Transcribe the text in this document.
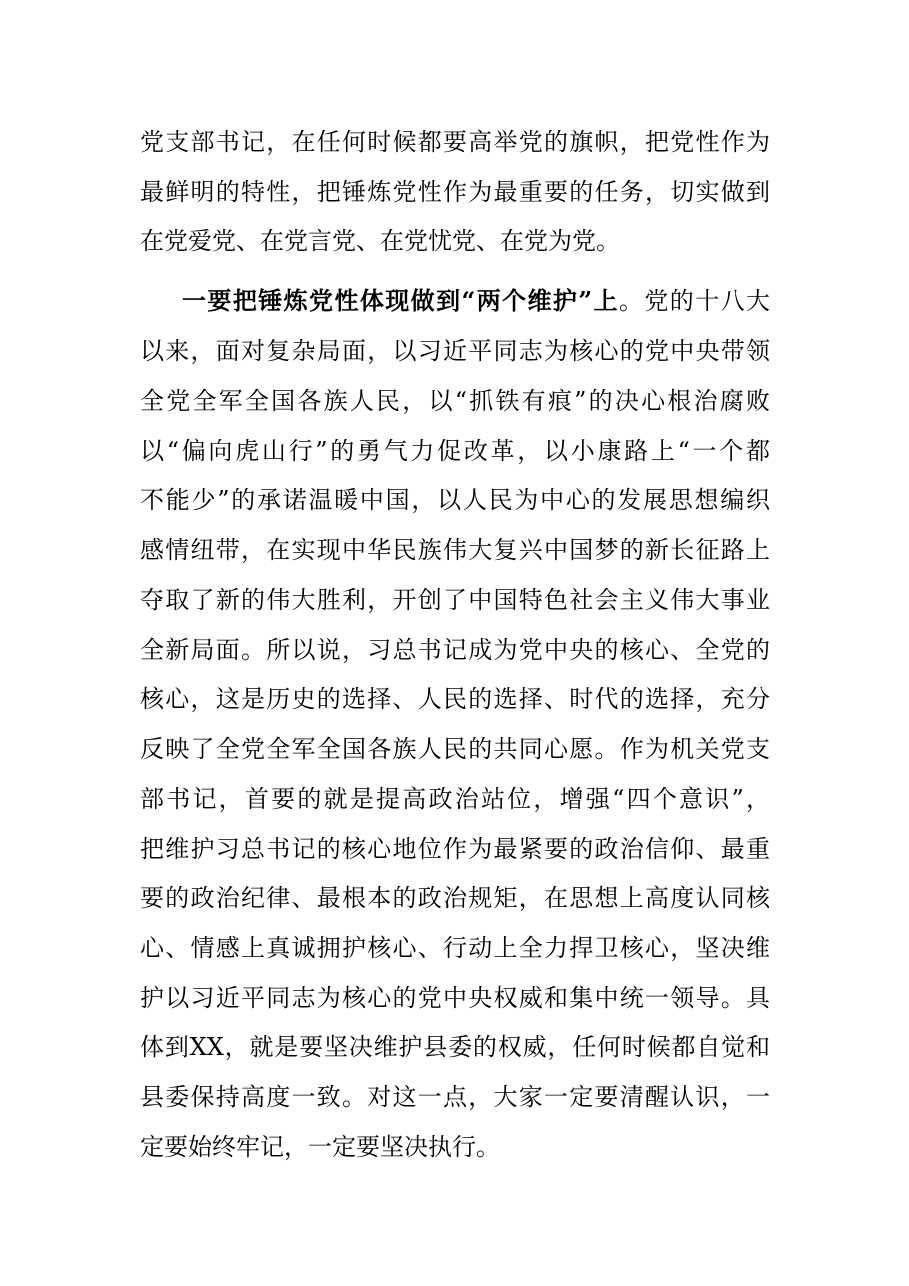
党支部书记，在任何时候都要高举党的旗帜，把党性作为
最鲜明的特性，把锤炼党性作为最重要的任务，切实做到
在党爱党、在党言党、在党忧党、在党为党。
一要把锤炼党性体现做到“两个维护”上。党的十八大
以来，面对复杂局面，以习近平同志为核心的党中央带领
全党全军全国各族人民，以“抓铁有痕”的决心根治腐败
以“偏向虎山行”的勇气力促改革，以小康路上“一个都
不能少”的承诺温暖中国，以人民为中心的发展思想编织
感情纽带，在实现中华民族伟大复兴中国梦的新长征路上
夺取了新的伟大胜利，开创了中国特色社会主义伟大事业
全新局面。所以说，习总书记成为党中央的核心、全党的
核心，这是历史的选择、人民的选择、时代的选择，充分
反映了全党全军全国各族人民的共同心愿。作为机关党支
部书记，首要的就是提高政治站位，增强“四个意识”，
把维护习总书记的核心地位作为最紧要的政治信仰、最重
要的政治纪律、最根本的政治规矩，在思想上高度认同核
心、情感上真诚拥护核心、行动上全力捍卫核心，坚决维
护以习近平同志为核心的党中央权威和集中统一领导。具
体到XX，就是要坚决维护县委的权威，任何时候都自觉和
县委保持高度一致。对这一点，大家一定要清醒认识，一
定要始终牢记，一定要坚决执行。
